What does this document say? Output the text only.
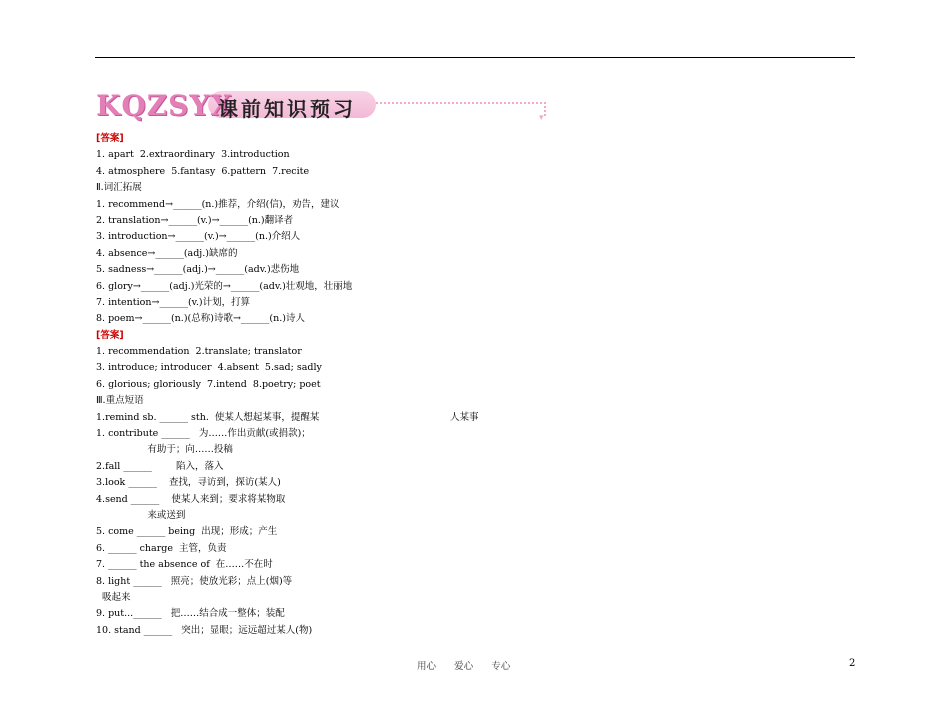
KQZSYX
课前知识预习	▾
[答案]
1. apart  2.extraordinary  3.introduction
4. atmosphere  5.fantasy  6.pattern  7.recite
Ⅱ.词汇拓展
1. recommend→______(n.)推荐，介绍(信)，劝告，建议
2. translation→______(v.)→______(n.)翻译者
3. introduction→______(v.)→______(n.)介绍人
4. absence→______(adj.)缺席的
5. sadness→______(adj.)→______(adv.)悲伤地
6. glory→______(adj.)光荣的→______(adv.)壮观地，壮丽地
7. intention→______(v.)计划，打算
8. poem→______(n.)(总称)诗歌→______(n.)诗人
[答案]
1. recommendation  2.translate; translator
3. introduce; introducer  4.absent  5.sad; sadly
6. glorious; gloriously  7.intend  8.poetry; poet
Ⅲ.重点短语
1.remind sb. ______ sth.  使某人想起某事，提醒某	人某事
1. contribute ______   为……作出贡献(或捐款)；
有助于；向……投稿
2.fall ______        陷入，落入
3.look ______    查找，寻访到，探访(某人)
4.send ______    使某人来到；要求将某物取
来或送到
5. come ______ being  出现；形成；产生
6. ______ charge  主管，负责
7. ______ the absence of  在……不在时
8. light ______   照亮；使放光彩；点上(烟)等
吸起来
9. put...______   把……结合成一整体；装配
10. stand ______   突出；显眼；远远超过某人(物)
用心      爱心      专心	2
